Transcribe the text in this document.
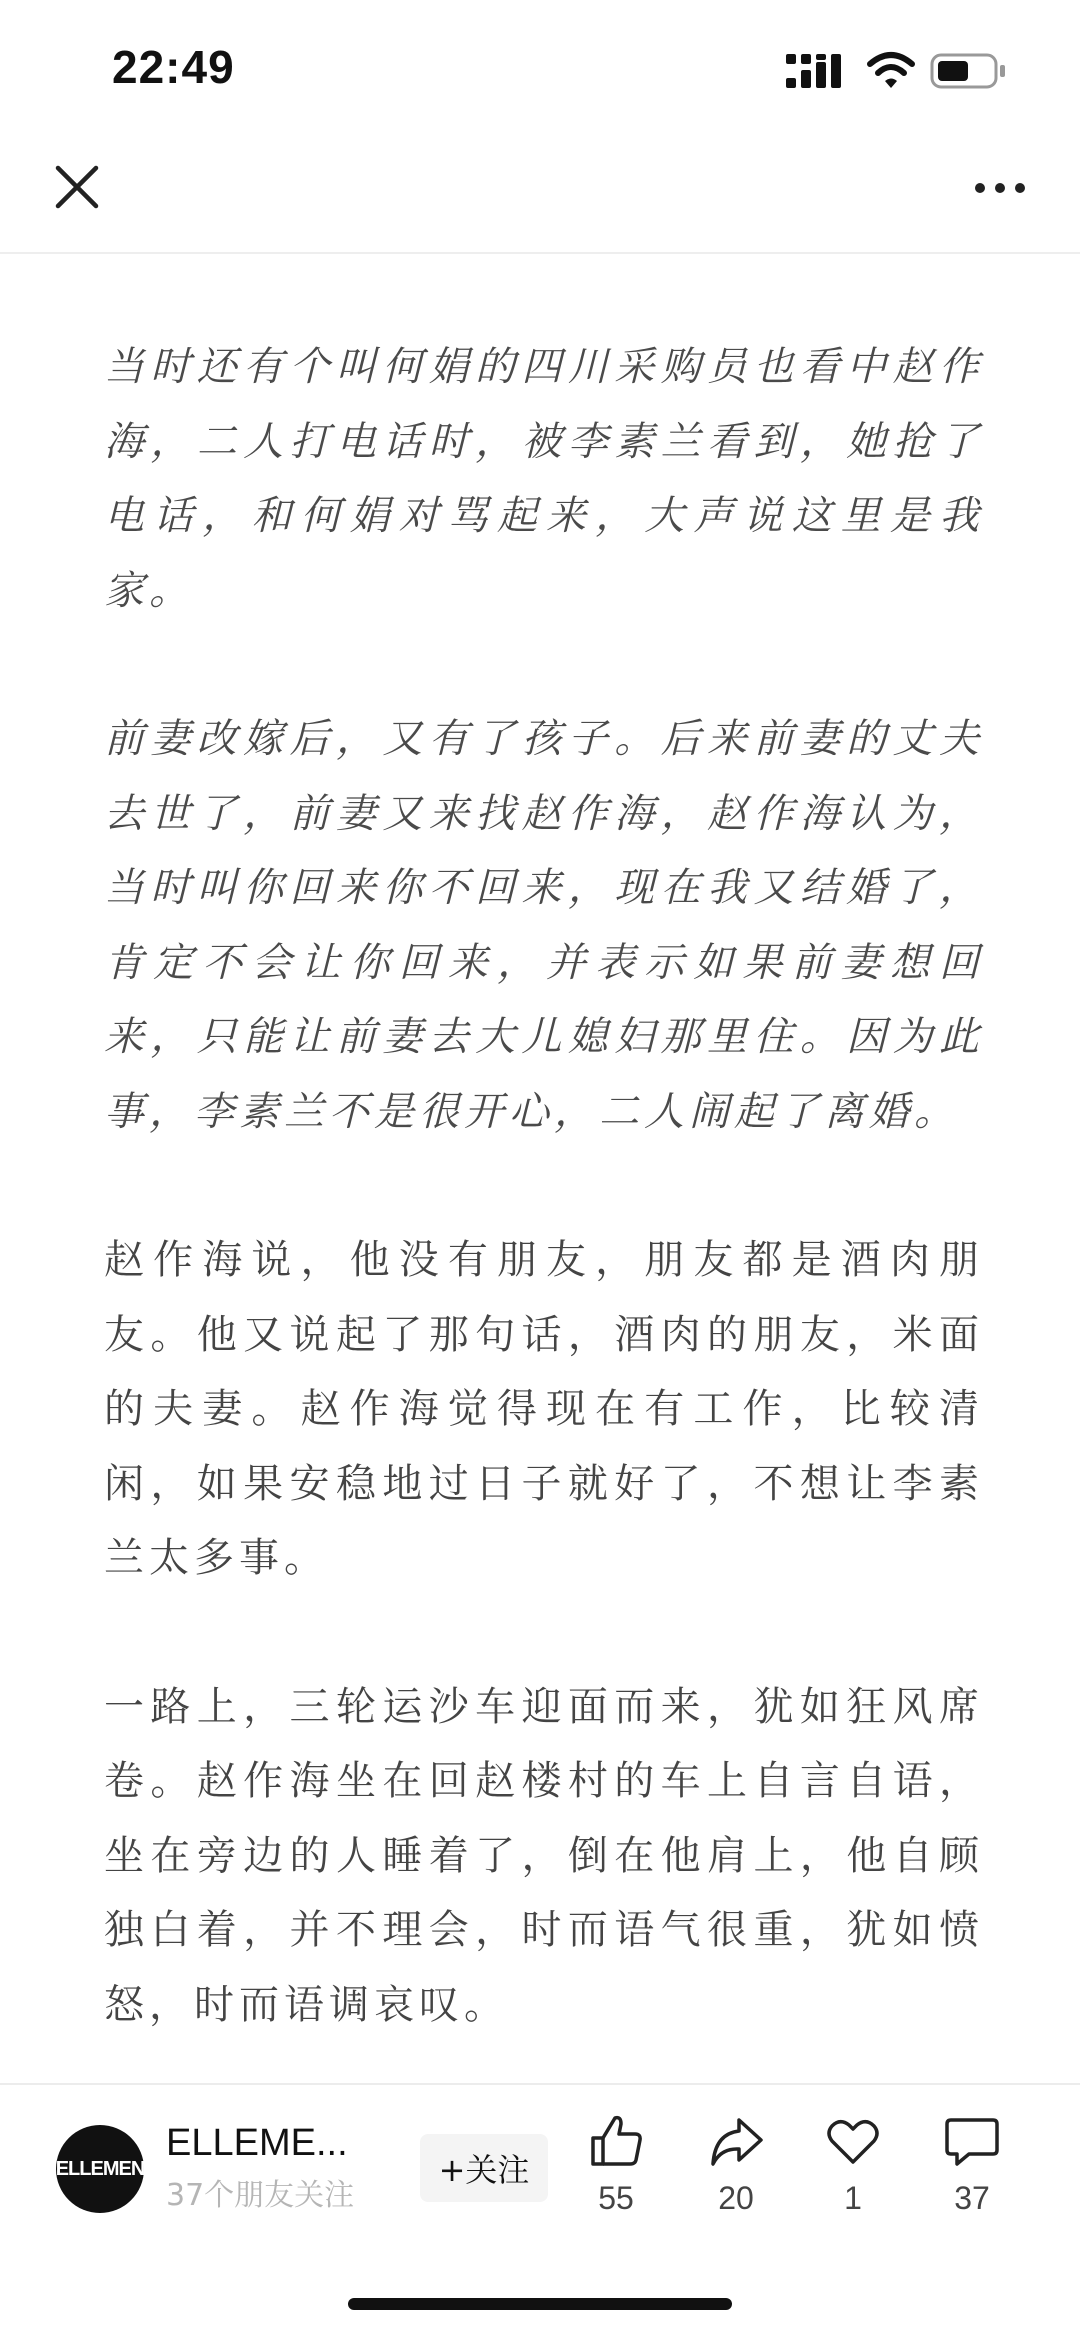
22:49

当时还有个叫何娟的四川采购员也看中赵作海，二人打电话时，被李素兰看到，她抢了电话，和何娟对骂起来，大声说这里是我家。

前妻改嫁后，又有了孩子。后来前妻的丈夫去世了，前妻又来找赵作海，赵作海认为，当时叫你回来你不回来，现在我又结婚了，肯定不会让你回来，并表示如果前妻想回来，只能让前妻去大儿媳妇那里住。因为此事，李素兰不是很开心，二人闹起了离婚。

赵作海说，他没有朋友，朋友都是酒肉朋友。他又说起了那句话，酒肉的朋友，米面的夫妻。赵作海觉得现在有工作，比较清闲，如果安稳地过日子就好了，不想让李素兰太多事。

一路上，三轮运沙车迎面而来，犹如狂风席卷。赵作海坐在回赵楼村的车上自言自语，坐在旁边的人睡着了，倒在他肩上，他自顾独白着，并不理会，时而语气很重，犹如愤怒，时而语调哀叹。

ELLEMEN
ELLEME...
37个朋友关注
+关注
55	20	1	37
